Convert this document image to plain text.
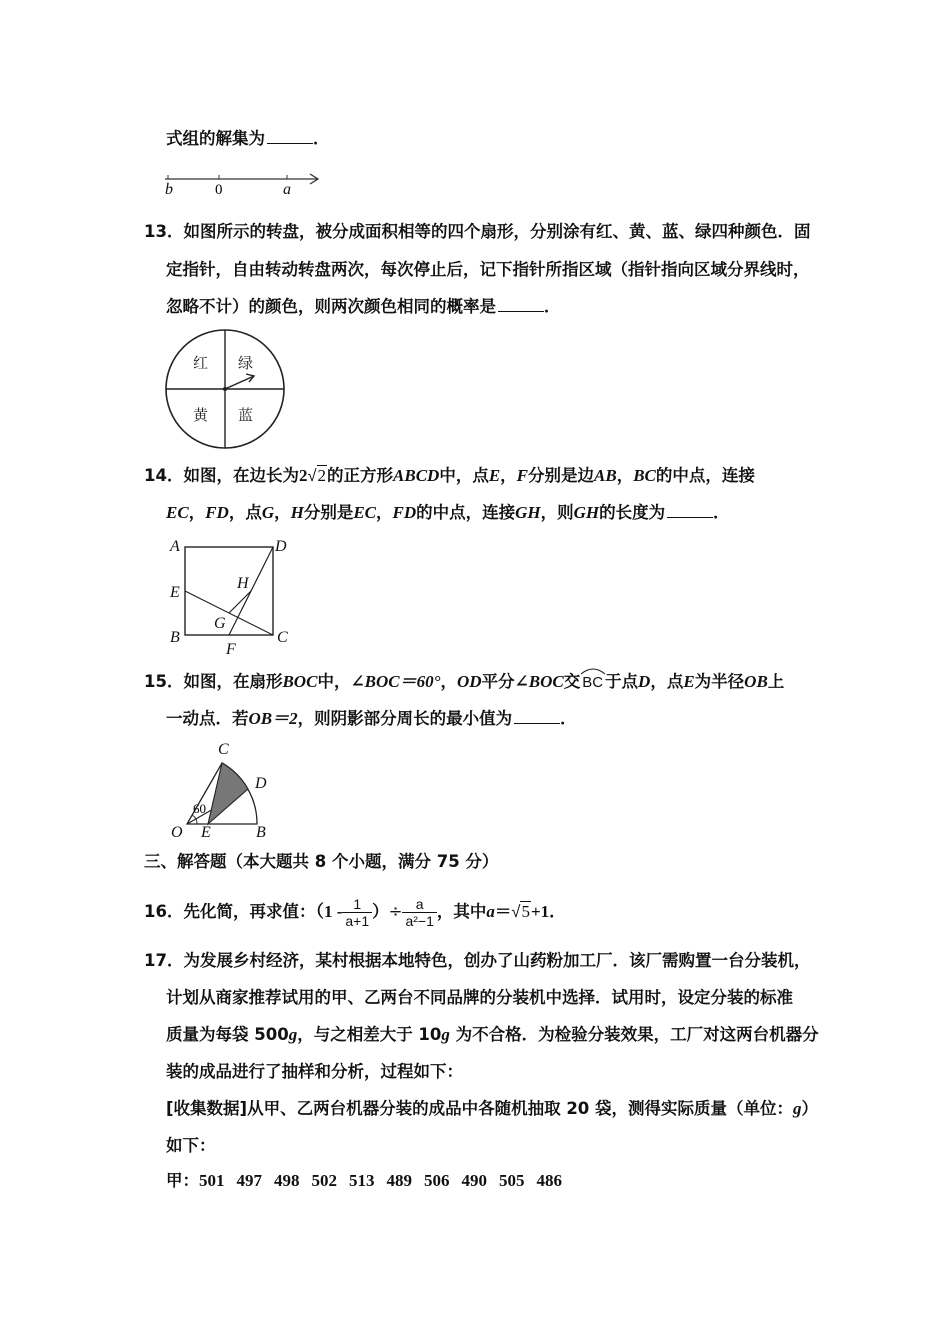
式组的解集为	．
b	0	a
13．如图所示的转盘，被分成面积相等的四个扇形，分别涂有红、黄、蓝、绿四种颜色．固
定指针，自由转动转盘两次，每次停止后，记下指针所指区域（指针指向区域分界线时，
忽略不计）的颜色，则两次颜色相同的概率是	．
红 绿
黄 蓝
14．如图，在边长为2√2的正方形ABCD中，点E，F分别是边AB，BC的中点，连接
EC，FD，点G，H分别是EC，FD的中点，连接GH，则GH的长度为	．
A	D
E
H
G
B	C
F
15．如图，在扇形BOC中，∠BOC＝60°，OD平分∠BOC交 BC 于点D，点E为半径OB上
一动点．若OB＝2，则阴影部分周长的最小值为	．
60
C
D
O E	B
三、解答题（本大题共 8 个小题，满分 75 分）
16．先化简，再求值：（$1 - \frac{1}{a+1}$ ）÷ $\frac{a}{\text{a²−1}}$ ，其中a＝√5+1．
17．为发展乡村经济，某村根据本地特色，创办了山药粉加工厂．该厂需购置一台分装机，
计划从商家推荐试用的甲、乙两台不同品牌的分装机中选择．试用时，设定分装的标准
质量为每袋 500g，与之相差大于 10g 为不合格．为检验分装效果，工厂对这两台机器分
装的成品进行了抽样和分析，过程如下：
[收集数据]从甲、乙两台机器分装的成品中各随机抽取 20 袋，测得实际质量（单位：g）
如下：
甲：501 497 498 502 513 489 506 490 505 486
